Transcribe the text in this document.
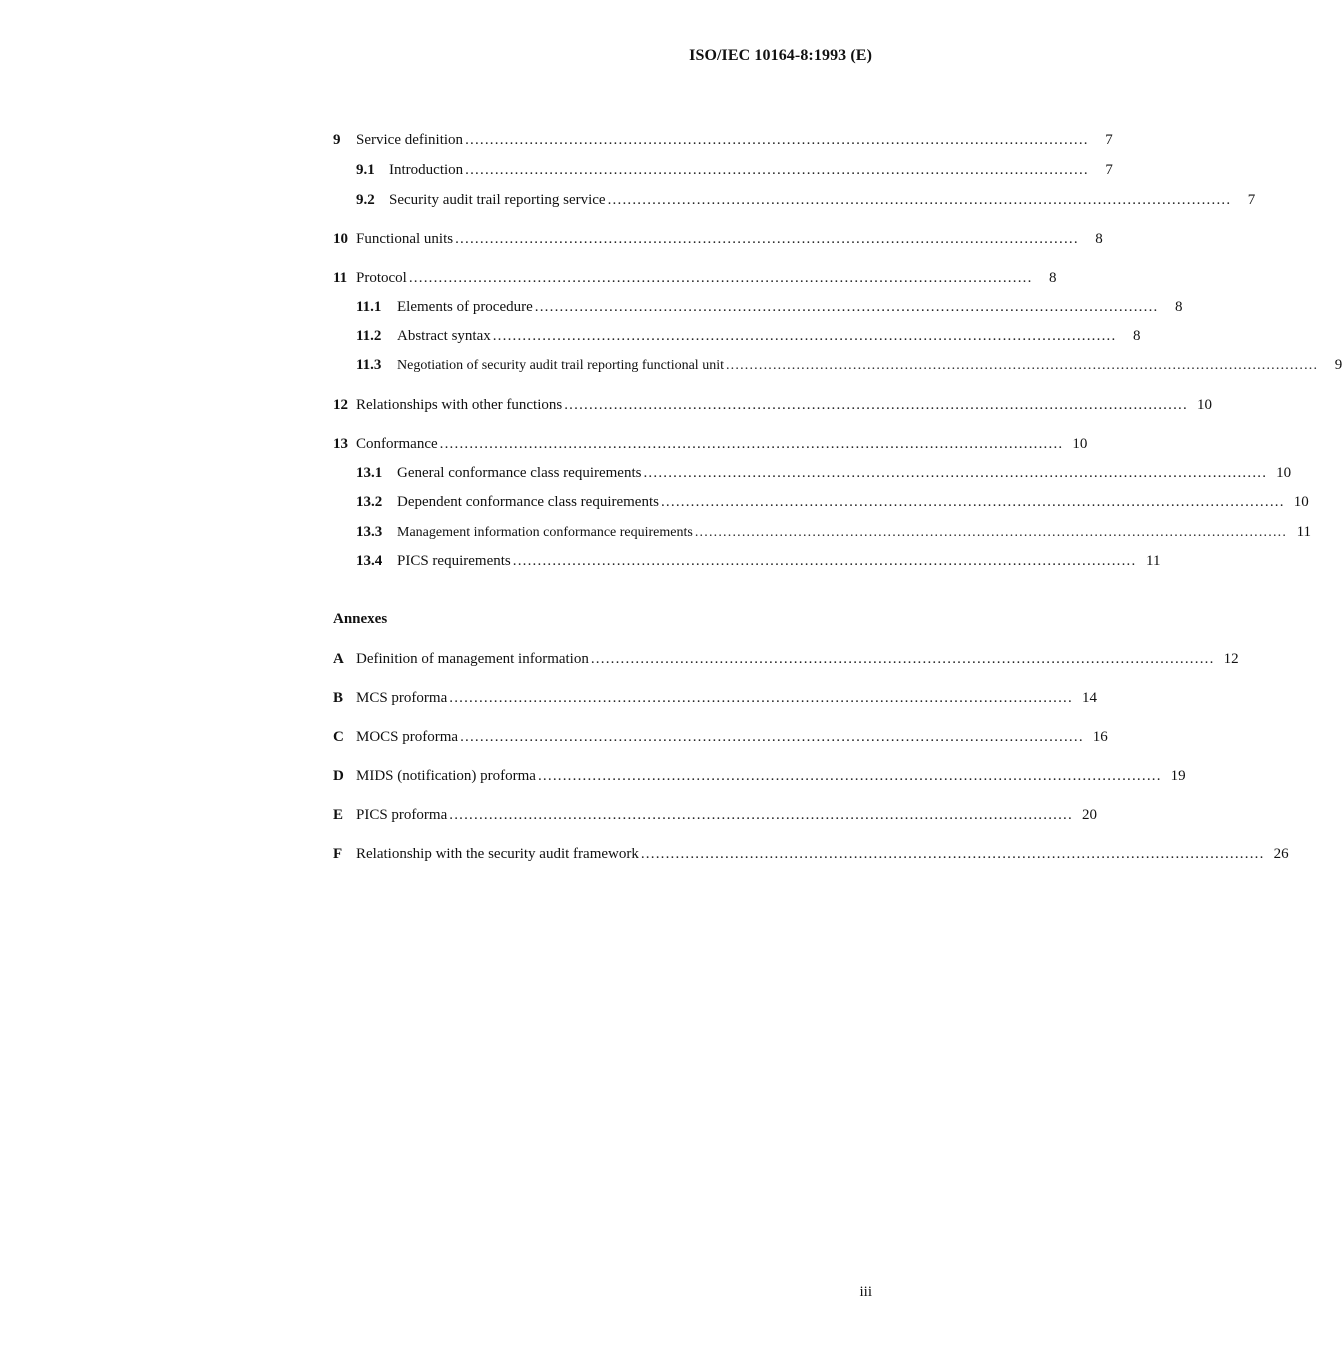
ISO/IEC 10164-8:1993 (E)
9	Service definition ..............................................................................................................................	7
9.1 Introduction ..............................................................................................................................	7
9.2 Security audit trail reporting service ..............................................................................................................................	7
10 Functional units ..............................................................................................................................	8
11 Protocol ..............................................................................................................................	8
11.1	Elements of procedure ..............................................................................................................................	8
11.2	Abstract syntax ..............................................................................................................................	8
11.3	Negotiation of security audit trail reporting functional unit ..............................................................................................................................	9
12 Relationships with other functions .............................................................................................................................. 10
13 Conformance .............................................................................................................................. 10
13.1 General conformance class requirements .............................................................................................................................. 10
13.2 Dependent conformance class requirements .............................................................................................................................. 10
13.3	Management information conformance requirements .............................................................................................................................. 11
13.4 PICS requirements .............................................................................................................................. 11
Annexes
A Definition of management information .............................................................................................................................. 12
B MCS proforma .............................................................................................................................. 14
C MOCS proforma .............................................................................................................................. 16
D MIDS (notification) proforma .............................................................................................................................. 19
E PICS proforma .............................................................................................................................. 20
F Relationship with the security audit framework .............................................................................................................................. 26
iii
